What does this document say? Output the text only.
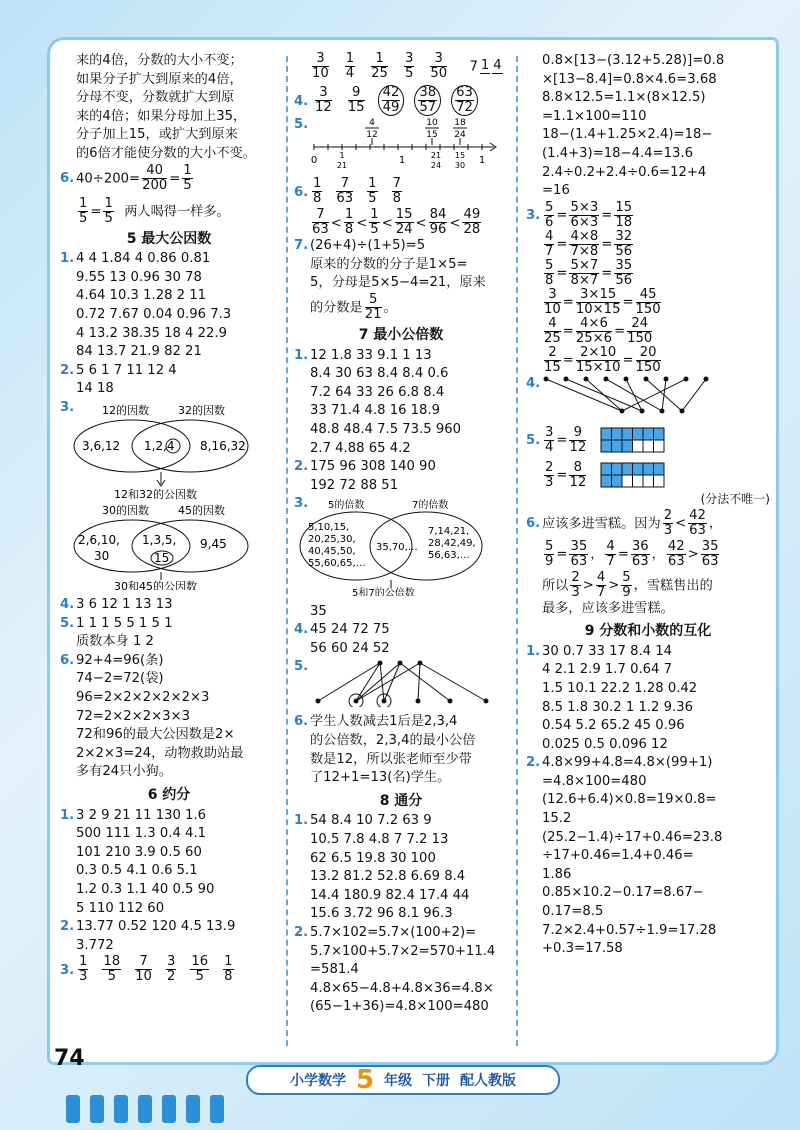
来的4倍，分数的大小不变；
如果分子扩大到原来的4倍，
分母不变，分数就扩大到原
来的4倍；如果分母加上35，
分子加上15，或扩大到原来
的6倍才能使分数的大小不变。
6. $40\div 200= \frac{40}{200} = \frac{1}{5}$
$\frac{1}{5} = \frac{1}{5}$ 两人喝得一样多。
5 最大公因数
1. 4 4 1.84 4 0.86 0.81
9.55 13 0.96 30 78
4.64 10.3 1.28 2 11
0.72 7.67 0.04 0.96 7.3
4 13.2 38.35 18 4 22.9
84 13.7 21.9 82 21
2. 5 6 1 7 11 12 4
14 18
3.	12的因数	32的因数
3,6,12 1,2,4 8,16,32
12和32的公因数
30的因数	45的因数
2,6,10,
30
1,3,5,
15
9,45
30和45的公因数
4. 3 6 12 1 13 13
5. 1 1 1 5 5 1 5 1
质数本身 1 2
6. 92+4=96(条)
74−2=72(袋)
96=2×2×2×2×2×3
72=2×2×2×3×3
72和96的最大公因数是2×
2×2×3=24，动物救助站最
多有24只小狗。
6 约分
1. 3 2 9 21 11 130 1.6
500 111 1.3 0.4 4.1
101 210 3.9 0.5 60
0.3 0.5 4.1 0.6 5.1
1.2 0.3 1.1 40 0.5 90
5 110 112 60
2. 13.77 0.52 120 4.5 13.9
3.772
3. $\frac{1}{3} \frac{18}{5} \frac{7}{10} \frac{3}{2} \frac{16}{5} \frac{1}{8}$
$\frac{3}{10} \frac{1}{4} \frac{1}{25} \frac{3}{5} \frac{3}{50} 7$ 1 4
4. $\frac{3}{12} \frac{9}{15} \frac{42}{49} \frac{38}{57} \frac{63}{72}$
5.	4
12
10
15
18
24
0	1	1
1
21
21
24
15
30
6. $\frac{1}{8} \frac{7}{63} \frac{1}{5} \frac{7}{8}$
$\frac{7}{63} < \frac{1}{8} < \frac{1}{5} < \frac{15}{24} < \frac{84}{96} < \frac{49}{28}$
7. (26+4)÷(1+5)=5
原来的分数的分子是1×5=
5，分母是5×5−4=21，原来
的分数是 $\frac{5}{21}$ 。
7 最小公倍数
1. 12 1.8 33 9.1 1 13
8.4 30 63 8.4 8.4 0.6
7.2 64 33 26 6.8 8.4
33 71.4 4.8 16 18.9
48.8 48.4 7.5 73.5 960
2.7 4.88 65 4.2
2. 175 96 308 140 90
192 72 88 51
3.	5的倍数	7的倍数
5,10,15,
20,25,30,
40,45,50,
55,60,65,…
35,70,…
7,14,21,
28,42,49,
56,63,…
5和7的公倍数
35
4. 45 24 72 75
56 60 24 52
5.
6. 学生人数减去1后是2,3,4
的公倍数，2,3,4的最小公倍
数是12，所以张老师至少带
了12+1=13(名)学生。
8 通分
1. 54 8.4 10 7.2 63 9
10.5 7.8 4.8 7 7.2 13
62 6.5 19.8 30 100
13.2 81.2 52.8 6.69 8.4
14.4 180.9 82.4 17.4 44
15.6 3.72 96 8.1 96.3
2. 5.7×102=5.7×(100+2)=
5.7×100+5.7×2=570+11.4
=581.4
4.8×65−4.8+4.8×36=4.8×
(65−1+36)=4.8×100=480
0.8×[13−(3.12+5.28)]=0.8
×[13−8.4]=0.8×4.6=3.68
8.8×12.5=1.1×(8×12.5)
=1.1×100=110
18−(1.4+1.25×2.4)=18−
(1.4+3)=18−4.4=13.6
2.4÷0.2+2.4÷0.6=12+4
=16
3. $\frac{5}{6} = \frac{5\times 3}{6\times 3} = \frac{15}{18}$
$\frac{4}{7} = \frac{4\times 8}{7\times 8} = \frac{32}{56}$
$\frac{5}{8} = \frac{5\times 7}{8\times 7} = \frac{35}{56}$
$\frac{3}{10} = \frac{3\times 15}{10\times 15} = \frac{45}{150}$
$\frac{4}{25} = \frac{4\times 6}{25\times 6} = \frac{24}{150}$
$\frac{2}{15} = \frac{2\times 10}{15\times 10} = \frac{20}{150}$
4.
5. $\frac{3}{4} = \frac{9}{12}$
$\frac{2}{3} = \frac{8}{12}$
(分法不唯一)
6. 应该多进雪糕。因为 $\frac{2}{3} < \frac{42}{63}$ ，
$\frac{5}{9} = \frac{35}{63}$ ， $\frac{4}{7} = \frac{36}{63}$ ， $\frac{42}{63} > \frac{35}{63}$
所以 $\frac{2}{3} > \frac{4}{7} > \frac{5}{9}$ ，雪糕售出的
最多，应该多进雪糕。
9 分数和小数的互化
1. 30 0.7 33 17 8.4 14
4 2.1 2.9 1.7 0.64 7
1.5 10.1 22.2 1.28 0.42
8.5 1.8 30.2 1 1.2 9.36
0.54 5.2 65.2 45 0.96
0.025 0.5 0.096 12
2. 4.8×99+4.8=4.8×(99+1)
=4.8×100=480
(12.6+6.4)×0.8=19×0.8=
15.2
(25.2−1.4)÷17+0.46=23.8
÷17+0.46=1.4+0.46=
1.86
0.85×10.2−0.17=8.67−
0.17=8.5
7.2×2.4+0.57÷1.9=17.28
+0.3=17.58
74
小学数学 5 年级 下册 配人教版
